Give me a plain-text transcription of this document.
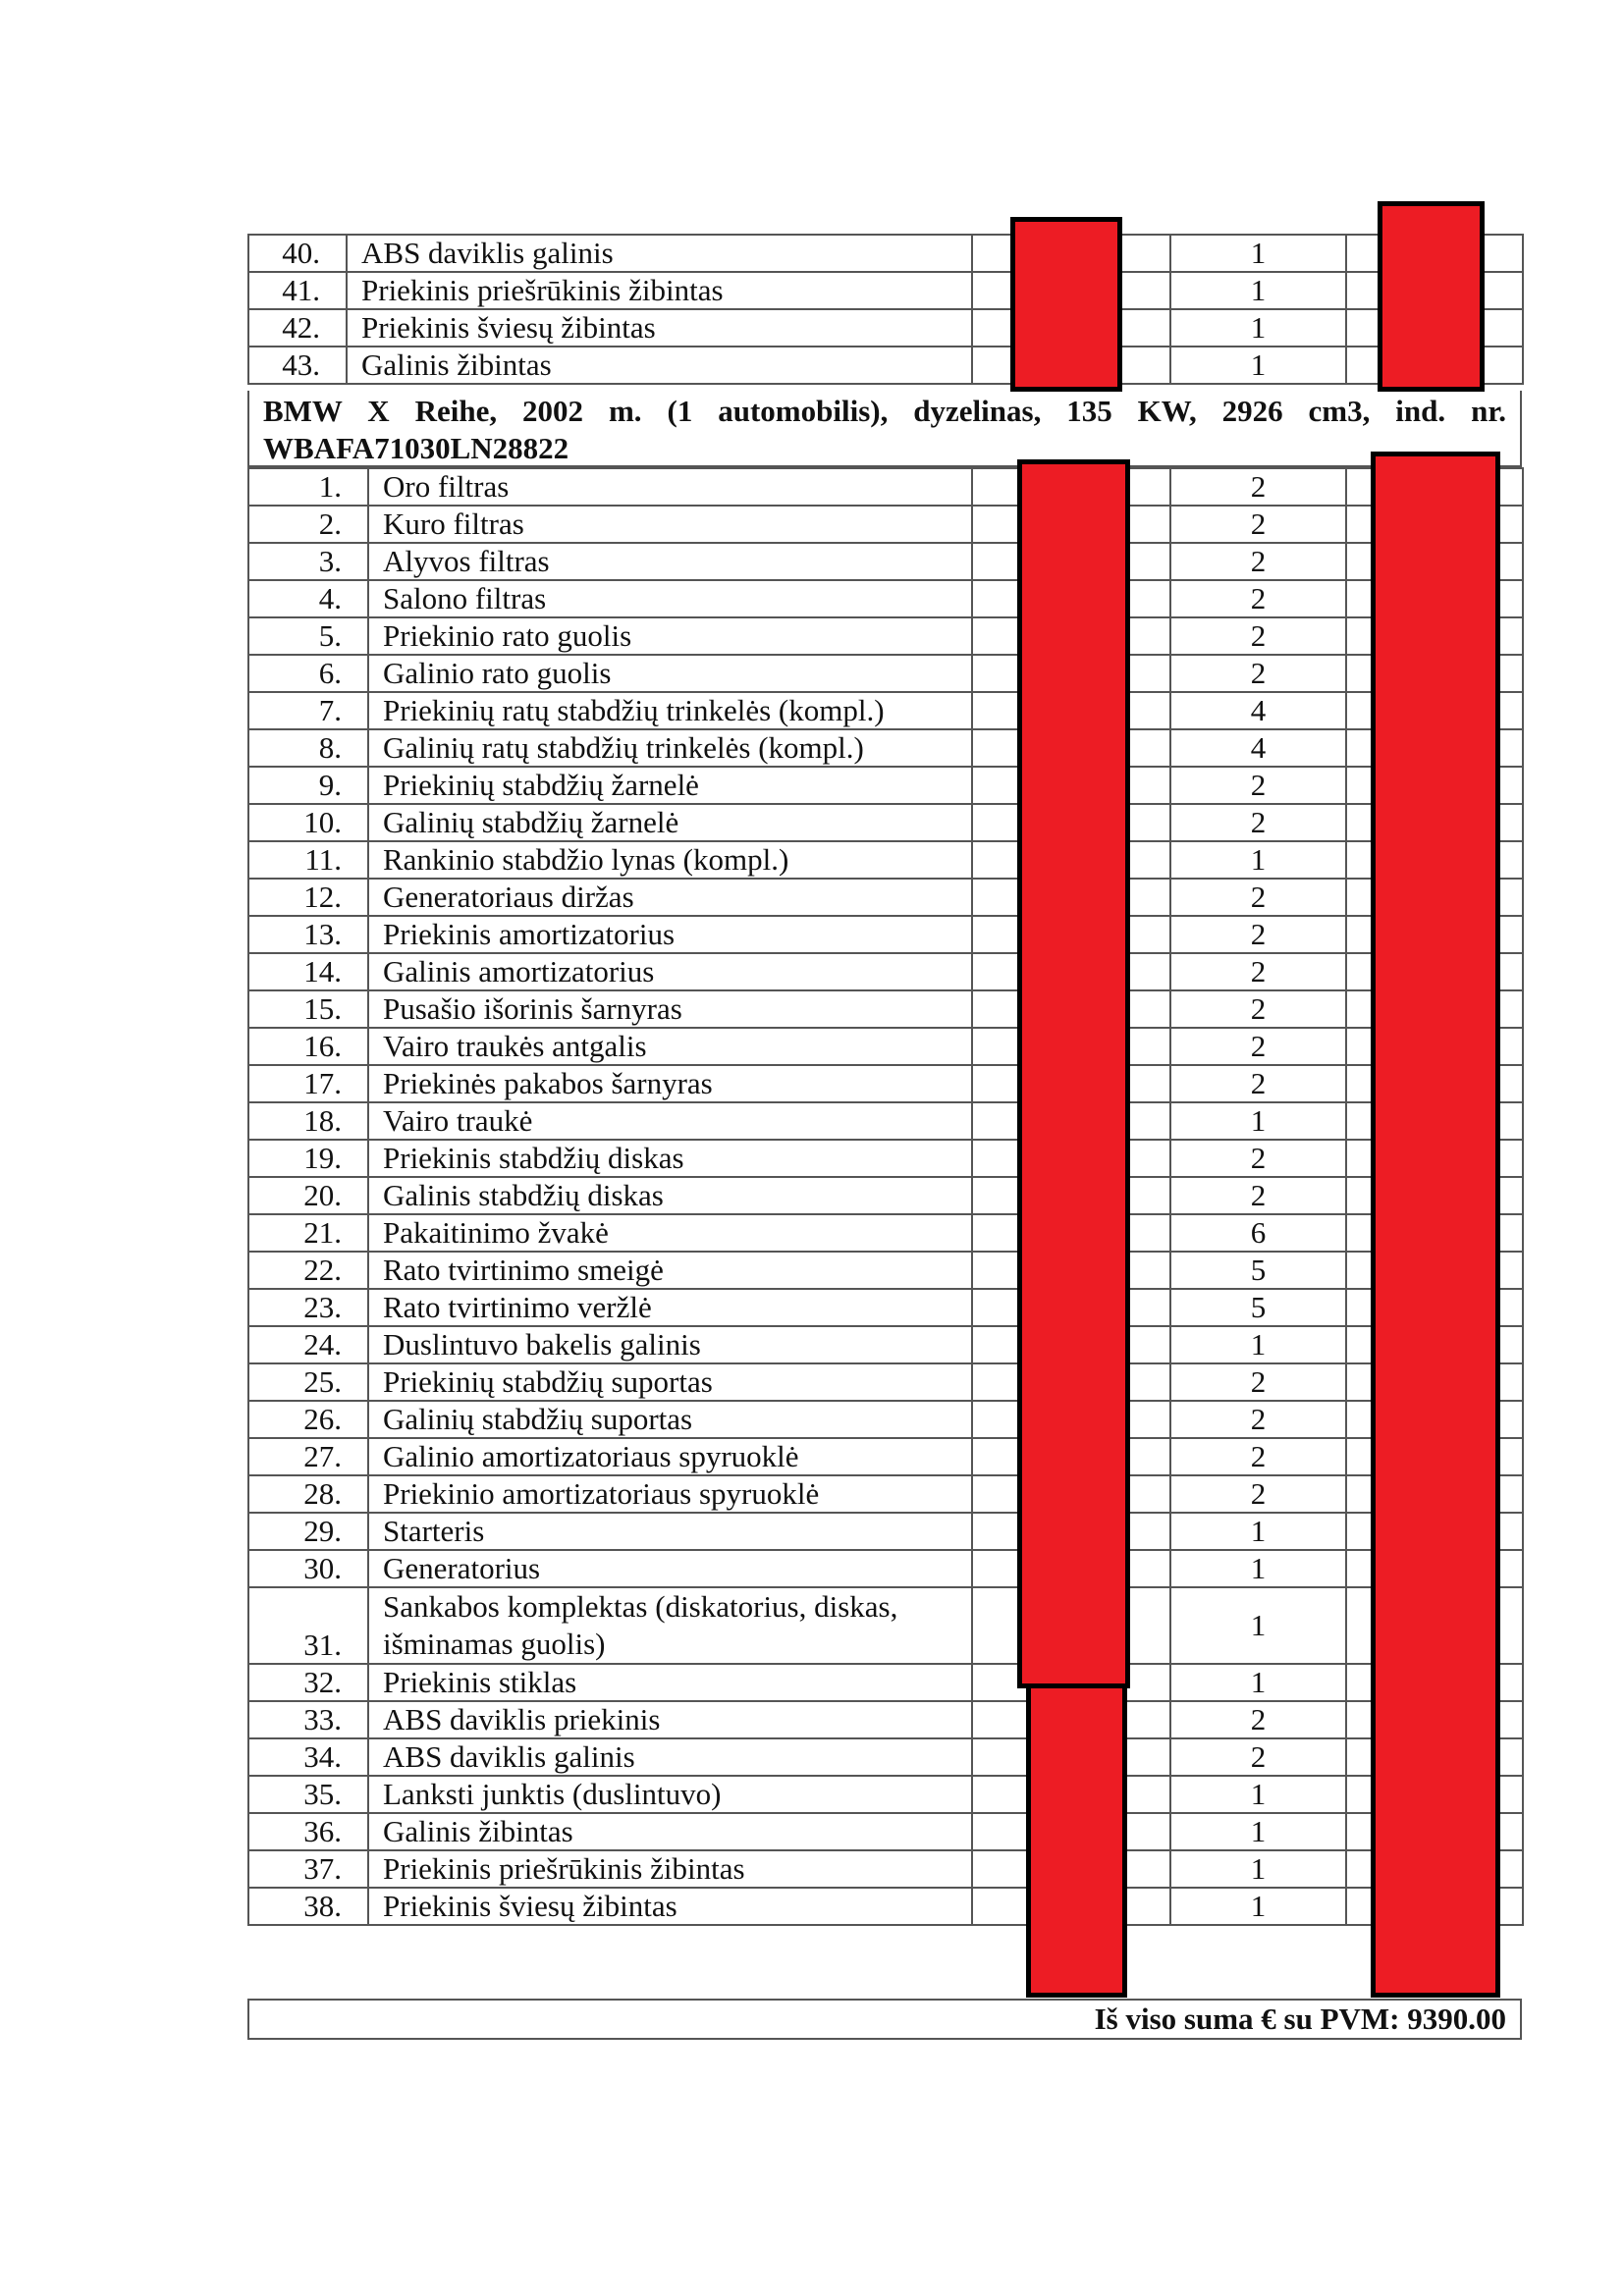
40.	ABS daviklis galinis		1	
41.	Priekinis priešrūkinis žibintas		1	
42.	Priekinis šviesų žibintas		1	
43.	Galinis žibintas		1	
BMW X Reihe, 2002 m. (1 automobilis), dyzelinas, 135 KW, 2926 cm3, ind. nr. WBAFA71030LN28822
1.	Oro filtras		2	
2.	Kuro filtras		2	
3.	Alyvos filtras		2	
4.	Salono filtras		2	
5.	Priekinio rato guolis		2	
6.	Galinio rato guolis		2	
7.	Priekinių ratų stabdžių trinkelės (kompl.)		4	
8.	Galinių ratų stabdžių trinkelės (kompl.)		4	
9.	Priekinių stabdžių žarnelė		2	
10.	Galinių stabdžių žarnelė		2	
11.	Rankinio stabdžio lynas (kompl.)		1	
12.	Generatoriaus diržas		2	
13.	Priekinis amortizatorius		2	
14.	Galinis amortizatorius		2	
15.	Pusašio išorinis šarnyras		2	
16.	Vairo traukės antgalis		2	
17.	Priekinės pakabos šarnyras		2	
18.	Vairo traukė		1	
19.	Priekinis stabdžių diskas		2	
20.	Galinis stabdžių diskas		2	
21.	Pakaitinimo žvakė		6	
22.	Rato tvirtinimo smeigė		5	
23.	Rato tvirtinimo veržlė		5	
24.	Duslintuvo bakelis galinis		1	
25.	Priekinių stabdžių suportas		2	
26.	Galinių stabdžių suportas		2	
27.	Galinio amortizatoriaus spyruoklė		2	
28.	Priekinio amortizatoriaus spyruoklė		2	
29.	Starteris		1	
30.	Generatorius		1	
31.	Sankabos komplektas (diskatorius, diskas, išminamas guolis)		1	
32.	Priekinis stiklas		1	
33.	ABS daviklis priekinis		2	
34.	ABS daviklis galinis		2	
35.	Lanksti junktis (duslintuvo)		1	
36.	Galinis žibintas		1	
37.	Priekinis priešrūkinis žibintas		1	
38.	Priekinis šviesų žibintas		1	
Iš viso suma € su PVM: 9390.00
